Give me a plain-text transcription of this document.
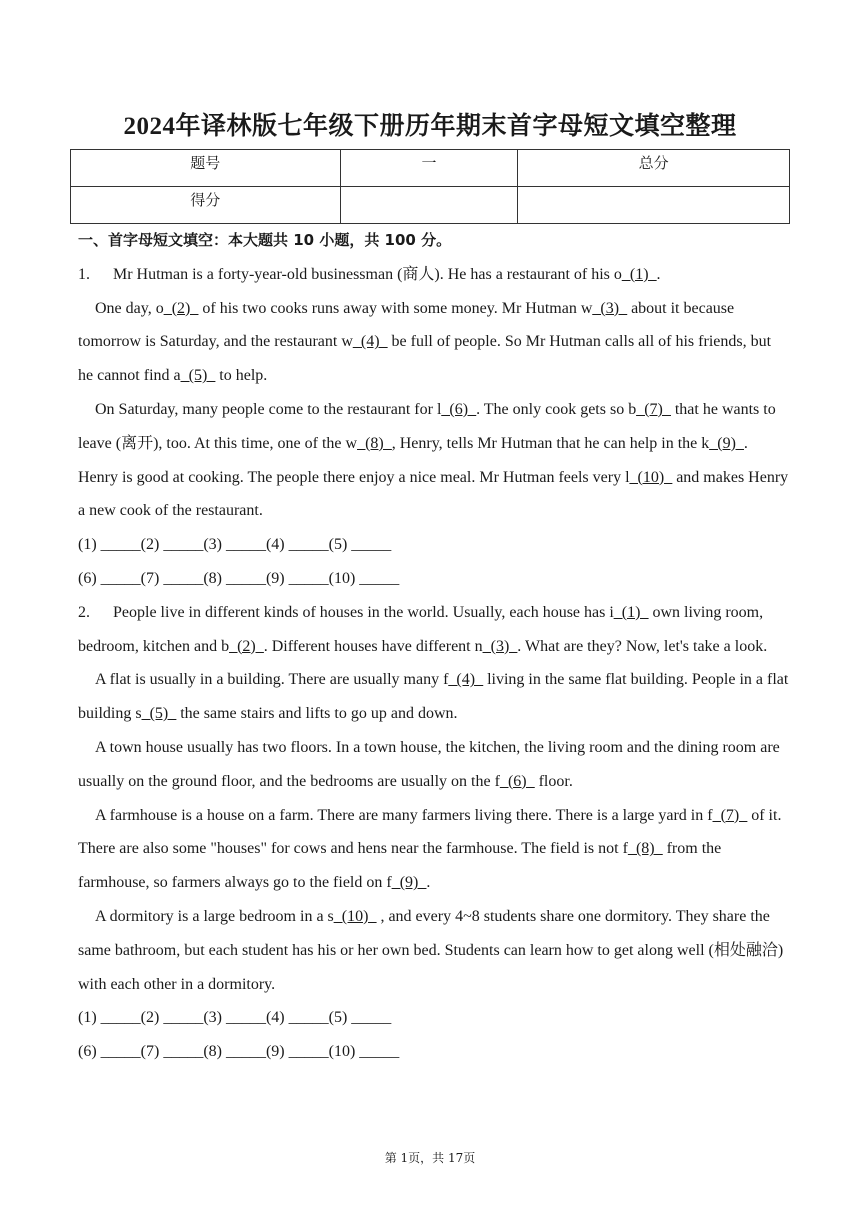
2024年译林版七年级下册历年期末首字母短文填空整理
题号	一	总分
得分		

一、首字母短文填空：本大题共 10 小题，共 100 分。

1. Mr Hutman is a forty-year-old businessman (商人). He has a restaurant of his o_(1)_.

One day, o_(2)_ of his two cooks runs away with some money. Mr Hutman w_(3)_ about it because tomorrow is Saturday, and the restaurant w_(4)_ be full of people. So Mr Hutman calls all of his friends, but he cannot find a_(5)_ to help.

On Saturday, many people come to the restaurant for l_(6)_. The only cook gets so b_(7)_ that he wants to leave (离开), too. At this time, one of the w_(8)_, Henry, tells Mr Hutman that he can help in the k_(9)_. Henry is good at cooking. The people there enjoy a nice meal. Mr Hutman feels very l_(10)_ and makes Henry a new cook of the restaurant.

(1) _____(2) _____(3) _____(4) _____(5) _____

(6) _____(7) _____(8) _____(9) _____(10) _____

2. People live in different kinds of houses in the world. Usually, each house has i_(1)_ own living room, bedroom, kitchen and b_(2)_. Different houses have different n_(3)_. What are they? Now, let's take a look.

A flat is usually in a building. There are usually many f_(4)_ living in the same flat building. People in a flat building s_(5)_ the same stairs and lifts to go up and down.

A town house usually has two floors. In a town house, the kitchen, the living room and the dining room are usually on the ground floor, and the bedrooms are usually on the f_(6)_ floor.

A farmhouse is a house on a farm. There are many farmers living there. There is a large yard in f_(7)_ of it. There are also some "houses" for cows and hens near the farmhouse. The field is not f_(8)_ from the farmhouse, so farmers always go to the field on f_(9)_.

A dormitory is a large bedroom in a s_(10)_ , and every 4~8 students share one dormitory. They share the same bathroom, but each student has his or her own bed. Students can learn how to get along well (相处融洽) with each other in a dormitory.

(1) _____(2) _____(3) _____(4) _____(5) _____

(6) _____(7) _____(8) _____(9) _____(10) _____

第 1页，共 17页
